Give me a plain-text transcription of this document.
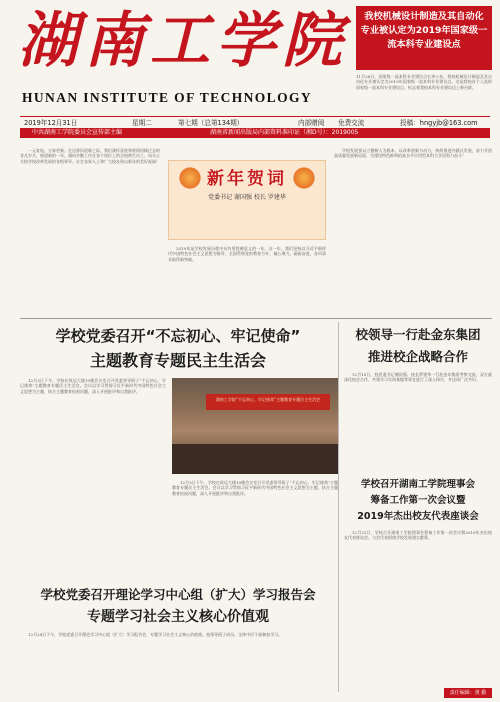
湖南工学院
HUNAN INSTITUTE OF TECHNOLOGY
我校机械设计制造及其自动化专业被认定为2019年国家级一流本科专业建设点
11月28日，国家级一流本科专业建设点名单公布，我校机械设计制造及其自动化专业被认定为2019年国家级一流本科专业建设点。这是我校首个入选的国家级一流本科专业建设点，标志着我校本科专业建设迈上新台阶。
2019年12月31日	星期二	第七期（总第134期）	内部赠阅 免费交流	投稿：hngyjb@163.com
中共湖南工学院委员会宣传部主编	湖南省新闻出版局内部资料准印证（湘D号）：2019005

一元复始，万象更新。在这辞旧迎新之际，我们满怀喜悦和豪情回顾过去的非凡岁月，展望新的一年。谨向辛勤工作在各个岗位上的全校师生员工，向关心支持学校改革发展的各级领导、社会各界人士和广大校友致以新年的美好祝福！

新年贺词
党委书记 谢国强 校长 罗建华

2019年是学校发展历程中具有里程碑意义的一年。这一年，我们坚持以习近平新时代中国特色社会主义思想为指导，全面贯彻党的教育方针，凝心聚力、砥砺奋进，各项事业取得新突破。

学校发展要以立德树人为根本，以改革创新为动力，持续推进内涵式发展，奋力开创高质量发展新局面，为建设特色鲜明的高水平应用型本科大学而努力奋斗！

学校党委召开“不忘初心、牢记使命”
主题教育专题民主生活会

12月3日下午，学校在致远大楼10楼会议室召开党委领导班子“不忘初心、牢记使命”主题教育专题民主生活会。会议以学习贯彻习近平新时代中国特色社会主义思想为主题，结合主题教育检视问题，深入开展批评和自我批评。

湖南工学院“不忘初心、牢记使命”主题教育专题民主生活会

12月3日下午，学校在致远大楼10楼会议室召开党委领导班子“不忘初心、牢记使命”主题教育专题民主生活会。会议以学习贯彻习近平新时代中国特色社会主义思想为主题，结合主题教育检视问题，深入开展批评和自我批评。

学校党委召开理论学习中心组（扩大）学习报告会
专题学习社会主义核心价值观

12月24日下午，学校党委召开理论学习中心组（扩大）学习报告会，专题学习社会主义核心价值观。校领导班子成员、全体中层干部参加学习。

校领导一行赴金东集团
推进校企战略合作

12月10日，校党委书记谢国强、校长罗建华一行赴金东集团考察交流，双方就深化校企合作、共建实习实训基地等事宜进行了深入探讨，并达成广泛共识。

学校召开湖南工学院理事会
筹备工作第一次会议暨
2019年杰出校友代表座谈会

12月21日，学校召开湖南工学院理事会筹备工作第一次会议暨2019年杰出校友代表座谈会。与会代表围绕学校发展建言献策。

责任编辑：黄 勤
